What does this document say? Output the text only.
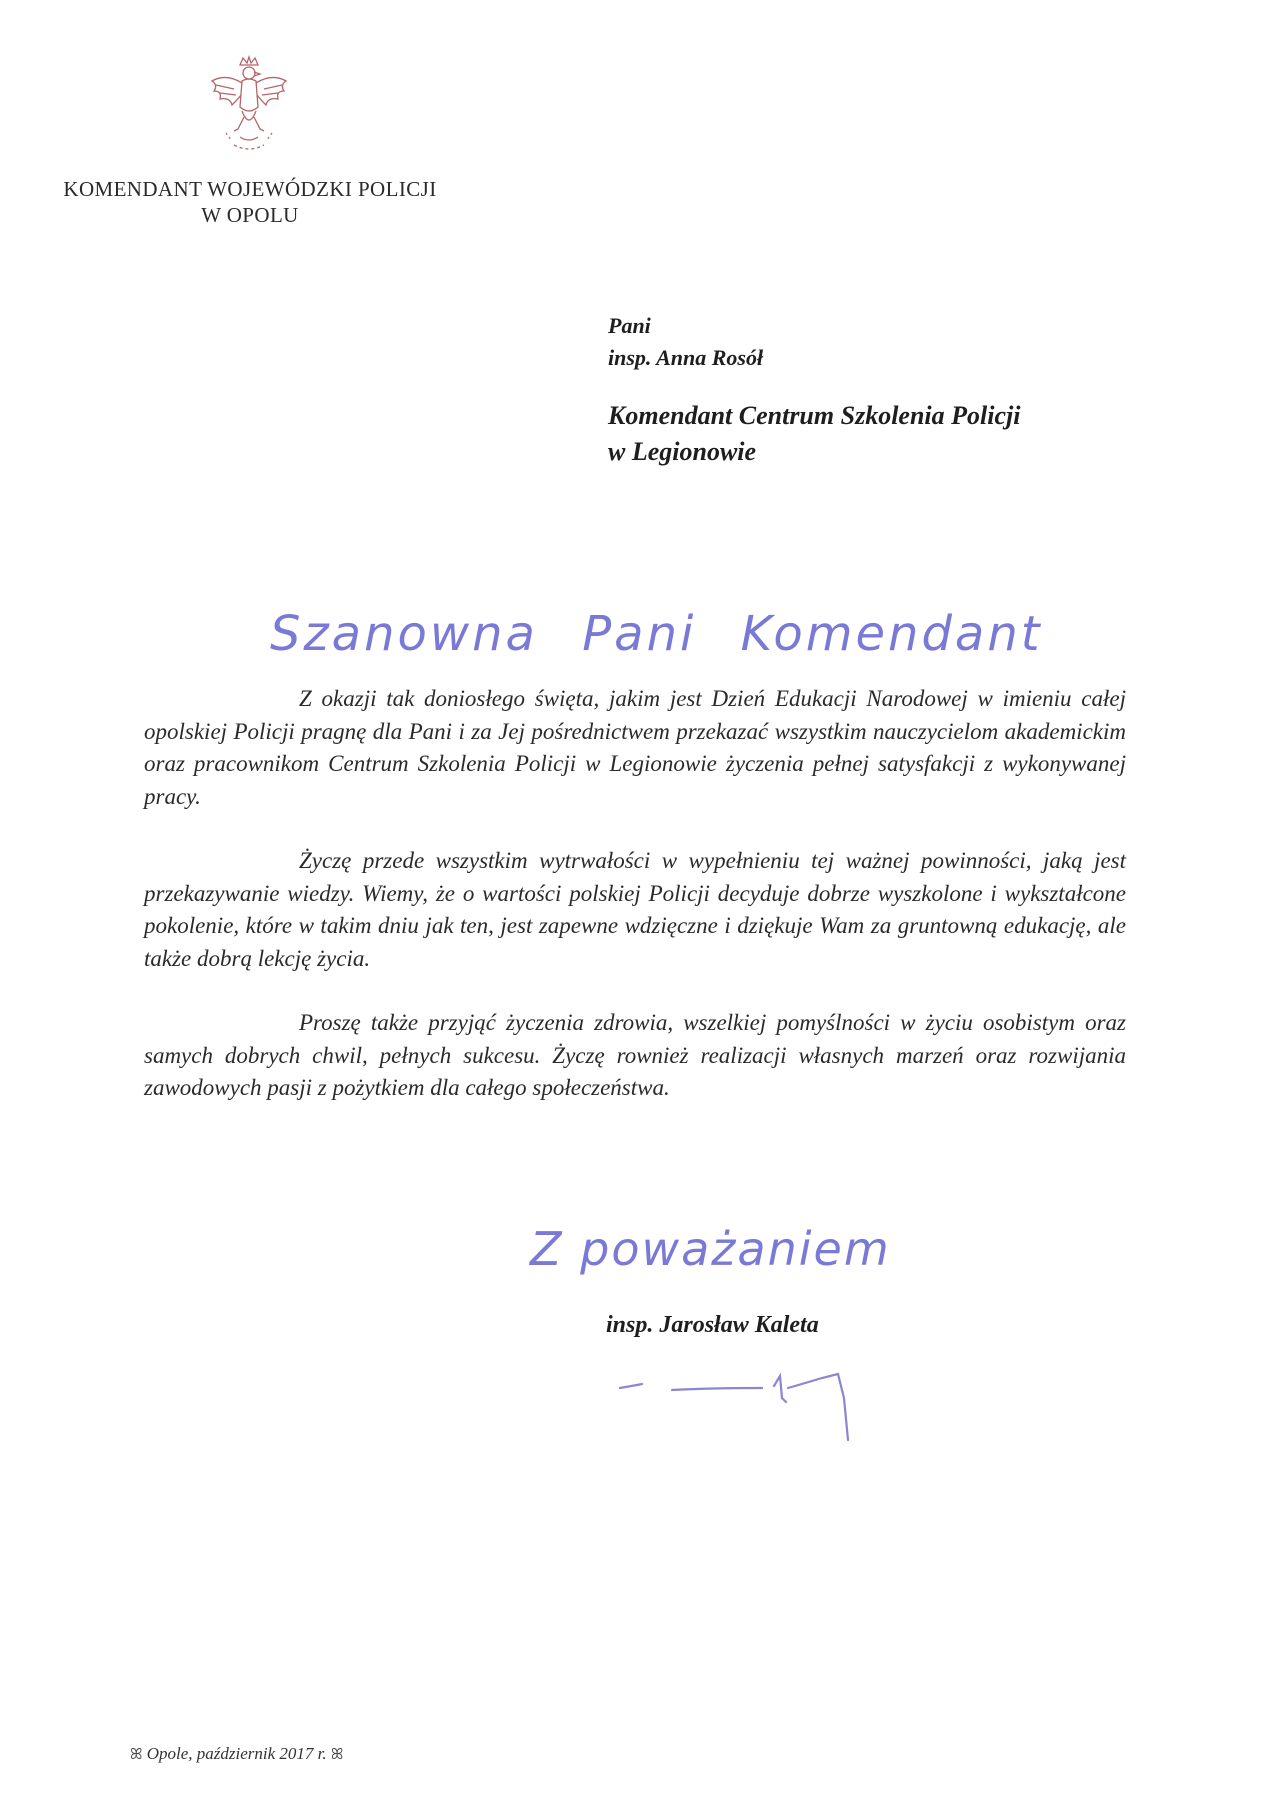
KOMENDANT WOJEWÓDZKI POLICJI
W OPOLU
Pani
insp. Anna Rosół
Komendant Centrum Szkolenia Policji
w Legionowie
Szanowna Pani Komendant

Z okazji tak doniosłego święta, jakim jest Dzień Edukacji Narodowej w imieniu całej opolskiej Policji pragnę dla Pani i za Jej pośrednictwem przekazać wszystkim nauczycielom akademickim oraz pracownikom Centrum Szkolenia Policji w Legionowie życzenia pełnej satysfakcji z wykonywanej pracy.

Życzę przede wszystkim wytrwałości w wypełnieniu tej ważnej powinności, jaką jest przekazywanie wiedzy. Wiemy, że o wartości polskiej Policji decyduje dobrze wyszkolone i wykształcone pokolenie, które w takim dniu jak ten, jest zapewne wdzięczne i dziękuje Wam za gruntowną edukację, ale także dobrą lekcję życia.

Proszę także przyjąć życzenia zdrowia, wszelkiej pomyślności w życiu osobistym oraz samych dobrych chwil, pełnych sukcesu. Życzę rownież realizacji własnych marzeń oraz rozwijania zawodowych pasji z pożytkiem dla całego społeczeństwa.

Z poważaniem
insp. Jarosław Kaleta
ꕤ Opole, październik 2017 r. ꕤ
